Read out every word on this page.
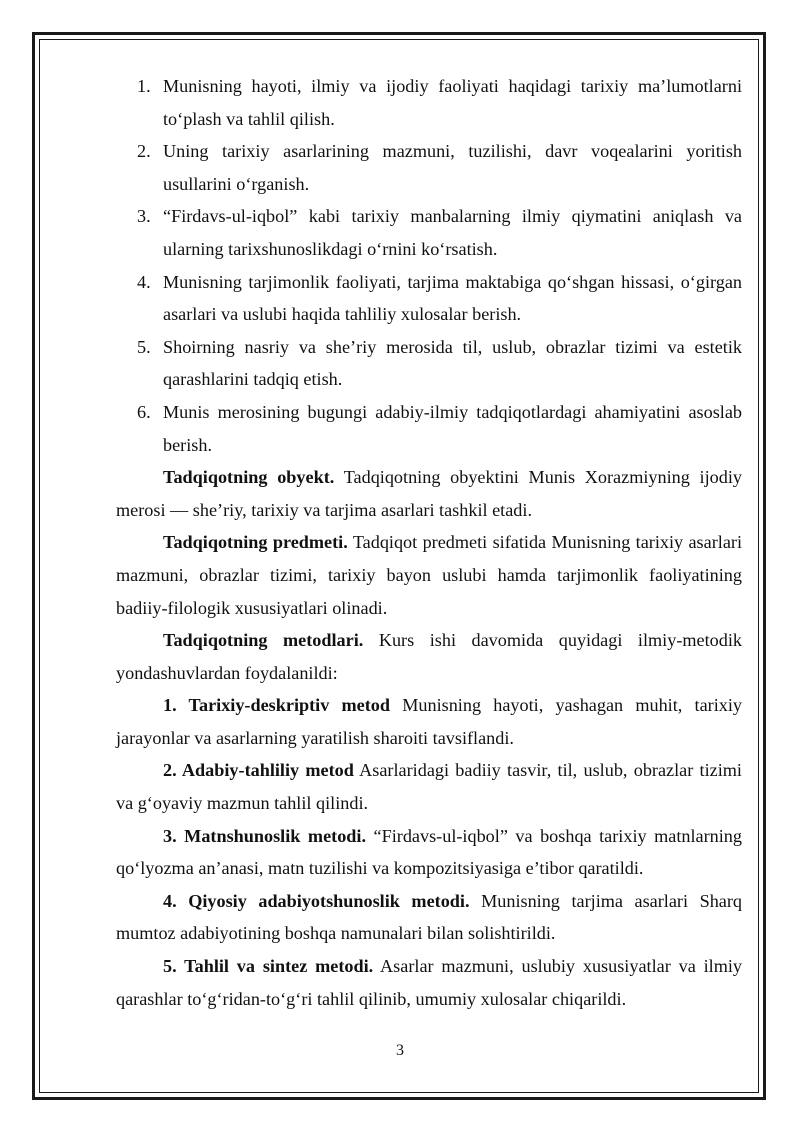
1. Munisning hayoti, ilmiy va ijodiy faoliyati haqidagi tarixiy ma’lumotlarni to‘plash va tahlil qilish.
2. Uning tarixiy asarlarining mazmuni, tuzilishi, davr voqealarini yoritish usullarini o‘rganish.
3. “Firdavs-ul-iqbol” kabi tarixiy manbalarning ilmiy qiymatini aniqlash va ularning tarixshunoslikdagi o‘rnini ko‘rsatish.
4. Munisning tarjimonlik faoliyati, tarjima maktabiga qo‘shgan hissasi, o‘girgan asarlari va uslubi haqida tahliliy xulosalar berish.
5. Shoirning nasriy va she’riy merosida til, uslub, obrazlar tizimi va estetik qarashlarini tadqiq etish.
6. Munis merosining bugungi adabiy-ilmiy tadqiqotlardagi ahamiyatini asoslab berish.

Tadqiqotning obyekt. Tadqiqotning obyektini Munis Xorazmiyning ijodiy merosi — she’riy, tarixiy va tarjima asarlari tashkil etadi.

Tadqiqotning predmeti. Tadqiqot predmeti sifatida Munisning tarixiy asarlari mazmuni, obrazlar tizimi, tarixiy bayon uslubi hamda tarjimonlik faoliyatining badiiy-filologik xususiyatlari olinadi.

Tadqiqotning metodlari. Kurs ishi davomida quyidagi ilmiy-metodik yondashuvlardan foydalanildi:

1. Tarixiy-deskriptiv metod Munisning hayoti, yashagan muhit, tarixiy jarayonlar va asarlarning yaratilish sharoiti tavsiflandi.

2. Adabiy-tahliliy metod Asarlaridagi badiiy tasvir, til, uslub, obrazlar tizimi va g‘oyaviy mazmun tahlil qilindi.

3. Matnshunoslik metodi. “Firdavs-ul-iqbol” va boshqa tarixiy matnlarning qo‘lyozma an’anasi, matn tuzilishi va kompozitsiyasiga e’tibor qaratildi.

4. Qiyosiy adabiyotshunoslik metodi. Munisning tarjima asarlari Sharq mumtoz adabiyotining boshqa namunalari bilan solishtirildi.

5. Tahlil va sintez metodi. Asarlar mazmuni, uslubiy xususiyatlar va ilmiy qarashlar to‘g‘ridan-to‘g‘ri tahlil qilinib, umumiy xulosalar chiqarildi.

3
